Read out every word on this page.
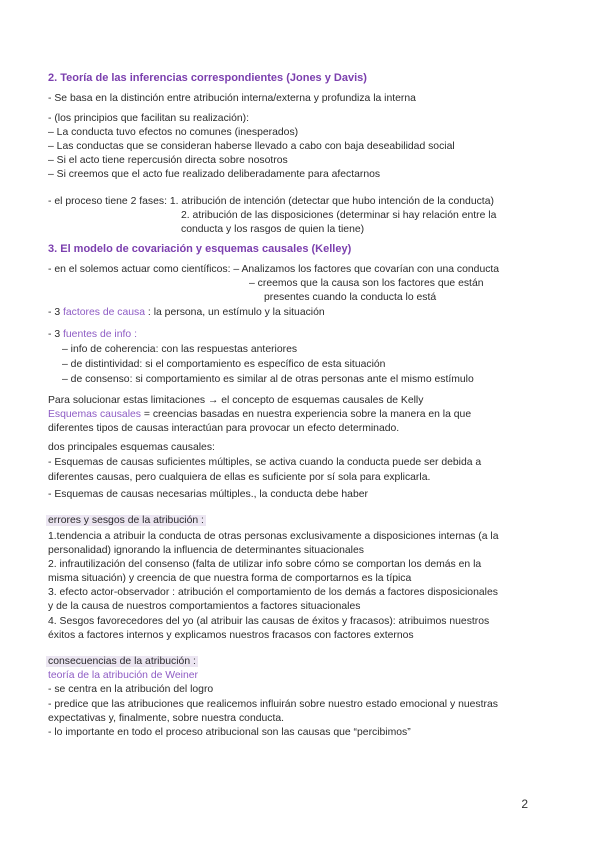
2. Teoría de las inferencias correspondientes (Jones y Davis)
- Se basa en la distinción entre atribución interna/externa y profundiza la interna
- (los principios que facilitan su realización):
– La conducta tuvo efectos no comunes (inesperados)
– Las conductas que se consideran haberse llevado a cabo con baja deseabilidad social
– Si el acto tiene repercusión directa sobre nosotros
– Si creemos que el acto fue realizado deliberadamente para afectarnos
- el proceso tiene 2 fases: 1. atribución de intención (detectar que hubo intención de la conducta)
2. atribución de las disposiciones (determinar si hay relación entre la
conducta y los rasgos de quien la tiene)
3. El modelo de covariación y esquemas causales (Kelley)
- en el solemos actuar como científicos: – Analizamos los factores que covarían con una conducta
– creemos que la causa son los factores que están
presentes cuando la conducta lo está
- 3 factores de causa : la persona, un estímulo y la situación
- 3 fuentes de info :
– info de coherencia: con las respuestas anteriores
– de distintividad: si el comportamiento es específico de esta situación
– de consenso: si comportamiento es similar al de otras personas ante el mismo estímulo
Para solucionar estas limitaciones → el concepto de esquemas causales de Kelly
Esquemas causales = creencias basadas en nuestra experiencia sobre la manera en la que
diferentes tipos de causas interactúan para provocar un efecto determinado.
dos principales esquemas causales:
- Esquemas de causas suficientes múltiples, se activa cuando la conducta puede ser debida a
diferentes causas, pero cualquiera de ellas es suficiente por sí sola para explicarla.
- Esquemas de causas necesarias múltiples., la conducta debe haber
errores y sesgos de la atribución :
1.tendencia a atribuir la conducta de otras personas exclusivamente a disposiciones internas (a la
personalidad) ignorando la influencia de determinantes situacionales
2. infrautilización del consenso (falta de utilizar info sobre cómo se comportan los demás en la
misma situación) y creencia de que nuestra forma de comportarnos es la típica
3. efecto actor-observador : atribución el comportamiento de los demás a factores disposicionales
y de la causa de nuestros comportamientos a factores situacionales
4. Sesgos favorecedores del yo (al atribuir las causas de éxitos y fracasos): atribuimos nuestros
éxitos a factores internos y explicamos nuestros fracasos con factores externos
consecuencias de la atribución :
teoría de la atribución de Weiner
- se centra en la atribución del logro
- predice que las atribuciones que realicemos influirán sobre nuestro estado emocional y nuestras
expectativas y, finalmente, sobre nuestra conducta.
- lo importante en todo el proceso atribucional son las causas que “percibimos”
2
